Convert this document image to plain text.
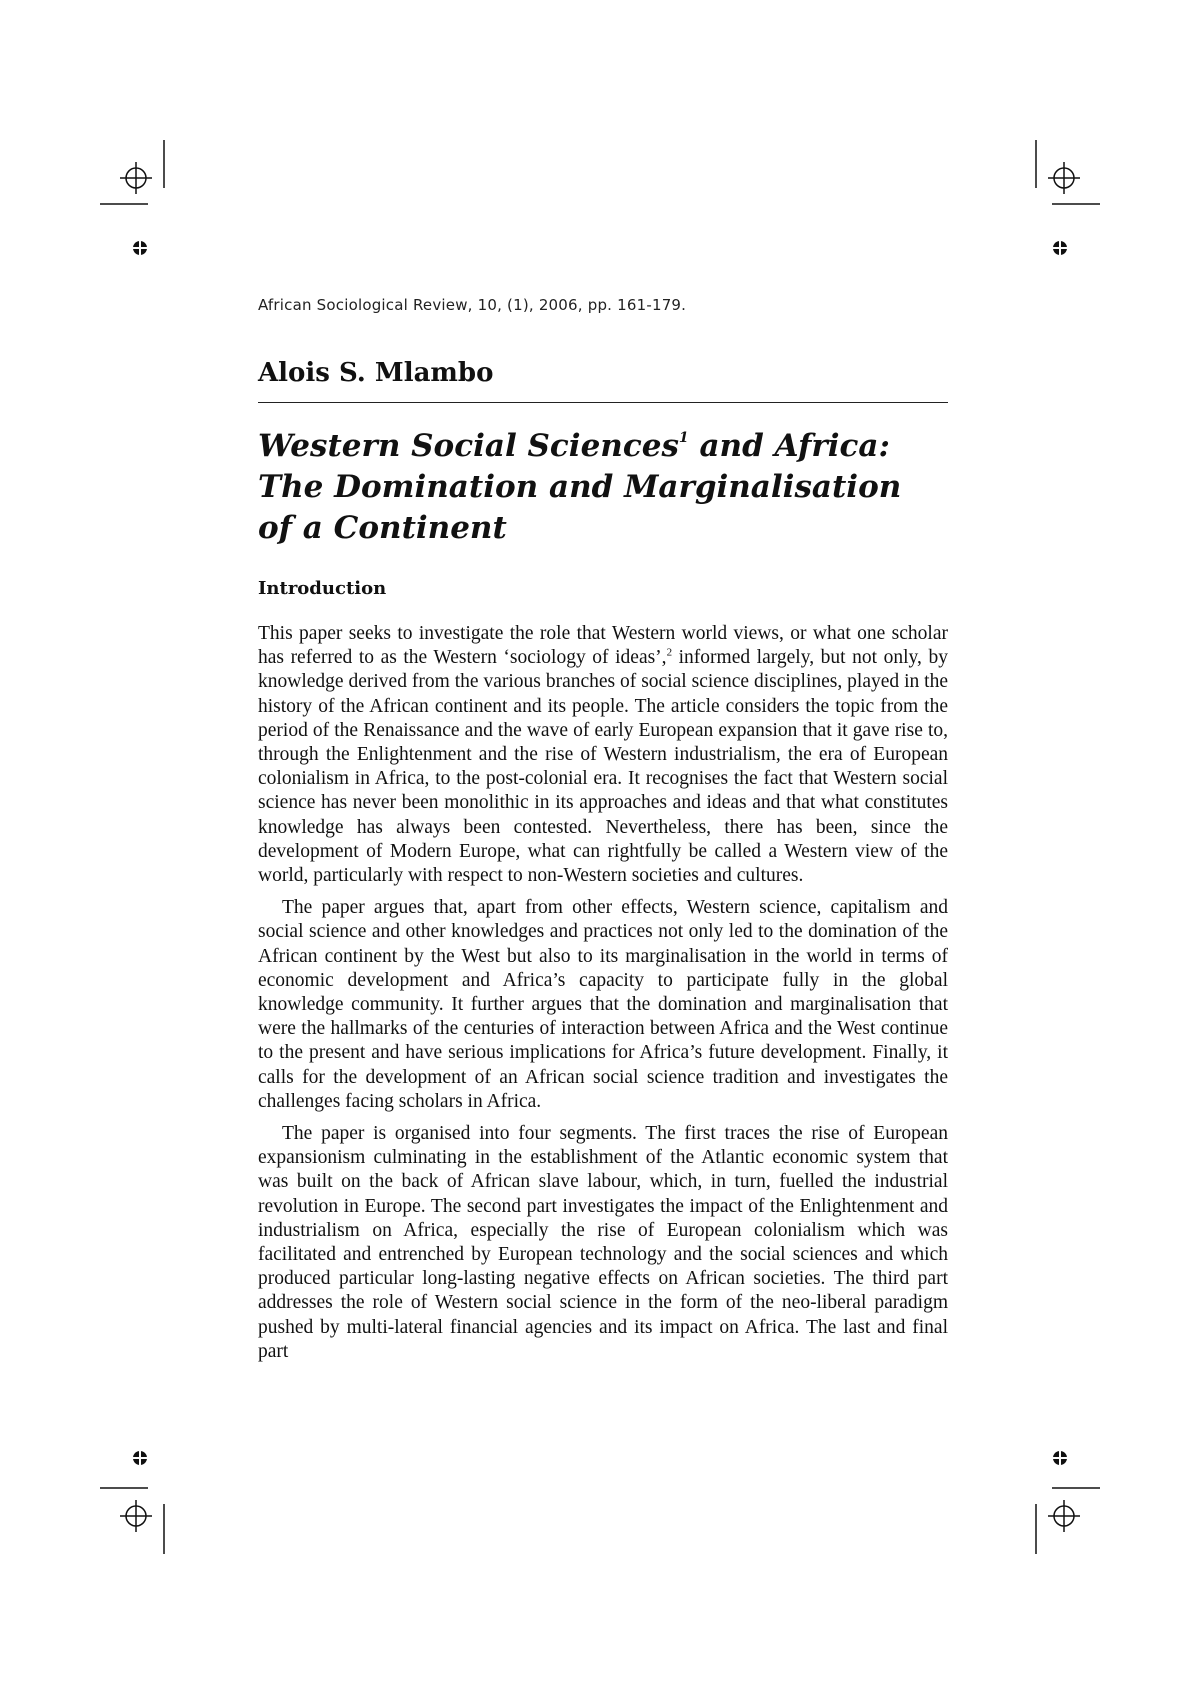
African Sociological Review, 10, (1), 2006, pp. 161-179.
Alois S. Mlambo
Western Social Sciences$^1$ and Africa:
The Domination and Marginalisation
of a Continent
Introduction

This paper seeks to investigate the role that Western world views, or what one scholar has referred to as the Western ‘sociology of ideas’,$^2$ informed largely, but not only, by knowledge derived from the various branches of social science disciplines, played in the history of the African continent and its people. The article considers the topic from the period of the Renaissance and the wave of early European expansion that it gave rise to, through the Enlightenment and the rise of Western industrialism, the era of European colonialism in Africa, to the post-colonial era. It recognises the fact that Western social science has never been monolithic in its approaches and ideas and that what constitutes knowledge has always been contested. Nevertheless, there has been, since the development of Modern Europe, what can rightfully be called a Western view of the world, particularly with respect to non-Western societies and cultures.

The paper argues that, apart from other effects, Western science, capitalism and social science and other knowledges and practices not only led to the domination of the African continent by the West but also to its marginalisation in the world in terms of economic development and Africa’s capacity to participate fully in the global knowledge community. It further argues that the domination and marginalisation that were the hallmarks of the centuries of interaction between Africa and the West continue to the present and have serious implications for Africa’s future development. Finally, it calls for the development of an African social science tradition and investigates the challenges facing scholars in Africa.

The paper is organised into four segments. The first traces the rise of European expansionism culminating in the establishment of the Atlantic economic system that was built on the back of African slave labour, which, in turn, fuelled the industrial revolution in Europe. The second part investigates the impact of the Enlightenment and industrialism on Africa, especially the rise of European colonialism which was facilitated and entrenched by European technology and the social sciences and which produced particular long-lasting negative effects on African societies. The third part addresses the role of Western social science in the form of the neo-liberal paradigm pushed by multi-lateral financial agencies and its impact on Africa. The last and final part
